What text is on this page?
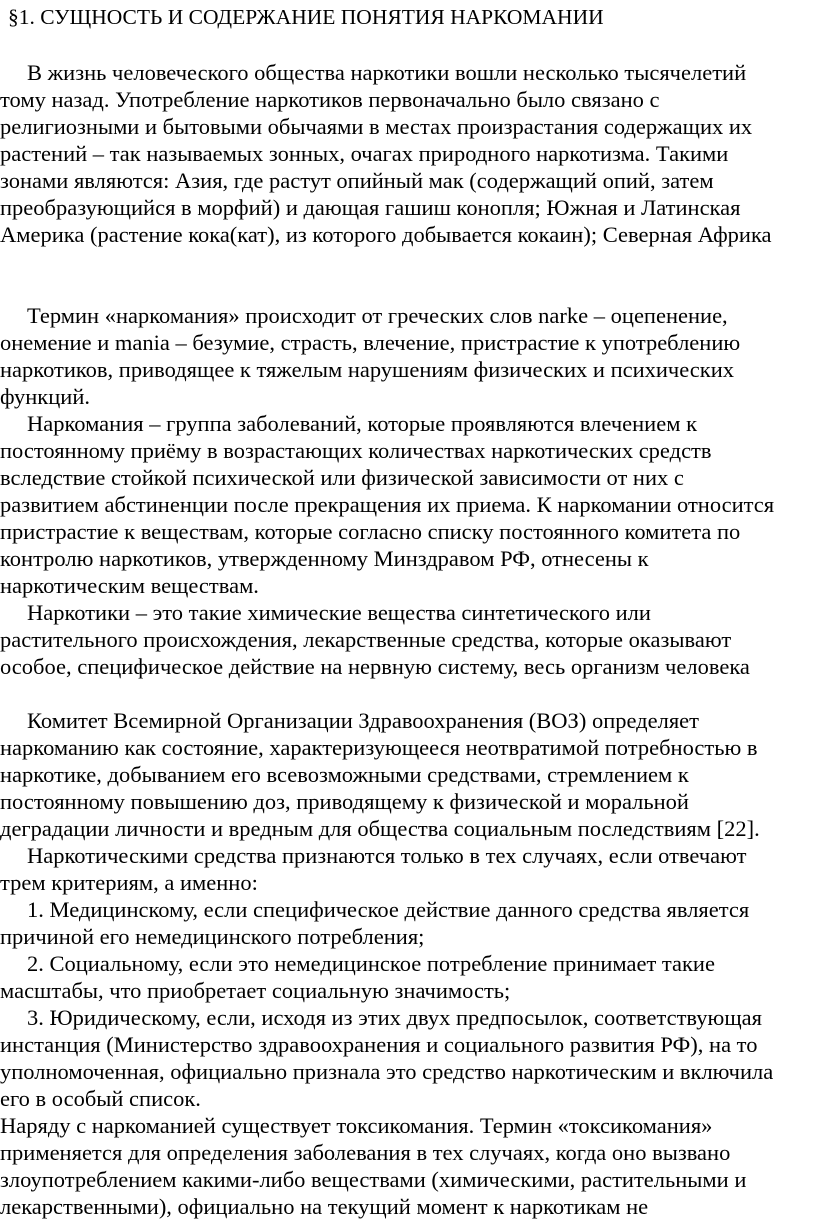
§1. СУЩНОСТЬ И СОДЕРЖАНИЕ ПОНЯТИЯ НАРКОМАНИИ
В жизнь человеческого общества наркотики вошли несколько тысячелетий
тому назад. Употребление наркотиков первоначально было связано с
религиозными и бытовыми обычаями в местах произрастания содержащих их
растений – так называемых зонных, очагах природного наркотизма. Такими
зонами являются: Азия, где растут опийный мак (содержащий опий, затем
преобразующийся в морфий) и дающая гашиш конопля; Южная и Латинская
Америка (растение кока(кат), из которого добывается кокаин); Северная Африка
Термин «наркомания» происходит от греческих слов narke – оцепенение,
онемение и mania – безумие, страсть, влечение, пристрастие к употреблению
наркотиков, приводящее к тяжелым нарушениям физических и психических
функций.
Наркомания – группа заболеваний, которые проявляются влечением к
постоянному приёму в возрастающих количествах наркотических средств
вследствие стойкой психической или физической зависимости от них с
развитием абстиненции после прекращения их приема. К наркомании относится
пристрастие к веществам, которые согласно списку постоянного комитета по
контролю наркотиков, утвержденному Минздравом РФ, отнесены к
наркотическим веществам.
Наркотики – это такие химические вещества синтетического или
растительного происхождения, лекарственные средства, которые оказывают
особое, специфическое действие на нервную систему, весь организм человека
Комитет Всемирной Организации Здравоохранения (ВОЗ) определяет
наркоманию как состояние, характеризующееся неотвратимой потребностью в
наркотике, добыванием его всевозможными средствами, стремлением к
постоянному повышению доз, приводящему к физической и моральной
деградации личности и вредным для общества социальным последствиям [22].
Наркотическими средства признаются только в тех случаях, если отвечают
трем критериям, а именно:
1. Медицинскому, если специфическое действие данного средства является
причиной его немедицинского потребления;
2. Социальному, если это немедицинское потребление принимает такие
масштабы, что приобретает социальную значимость;
3. Юридическому, если, исходя из этих двух предпосылок, соответствующая
инстанция (Министерство здравоохранения и социального развития РФ), на то
уполномоченная, официально признала это средство наркотическим и включила
его в особый список.
Наряду с наркоманией существует токсикомания. Термин «токсикомания»
применяется для определения заболевания в тех случаях, когда оно вызвано
злоупотреблением какими-либо веществами (химическими, растительными и
лекарственными), официально на текущий момент к наркотикам не
